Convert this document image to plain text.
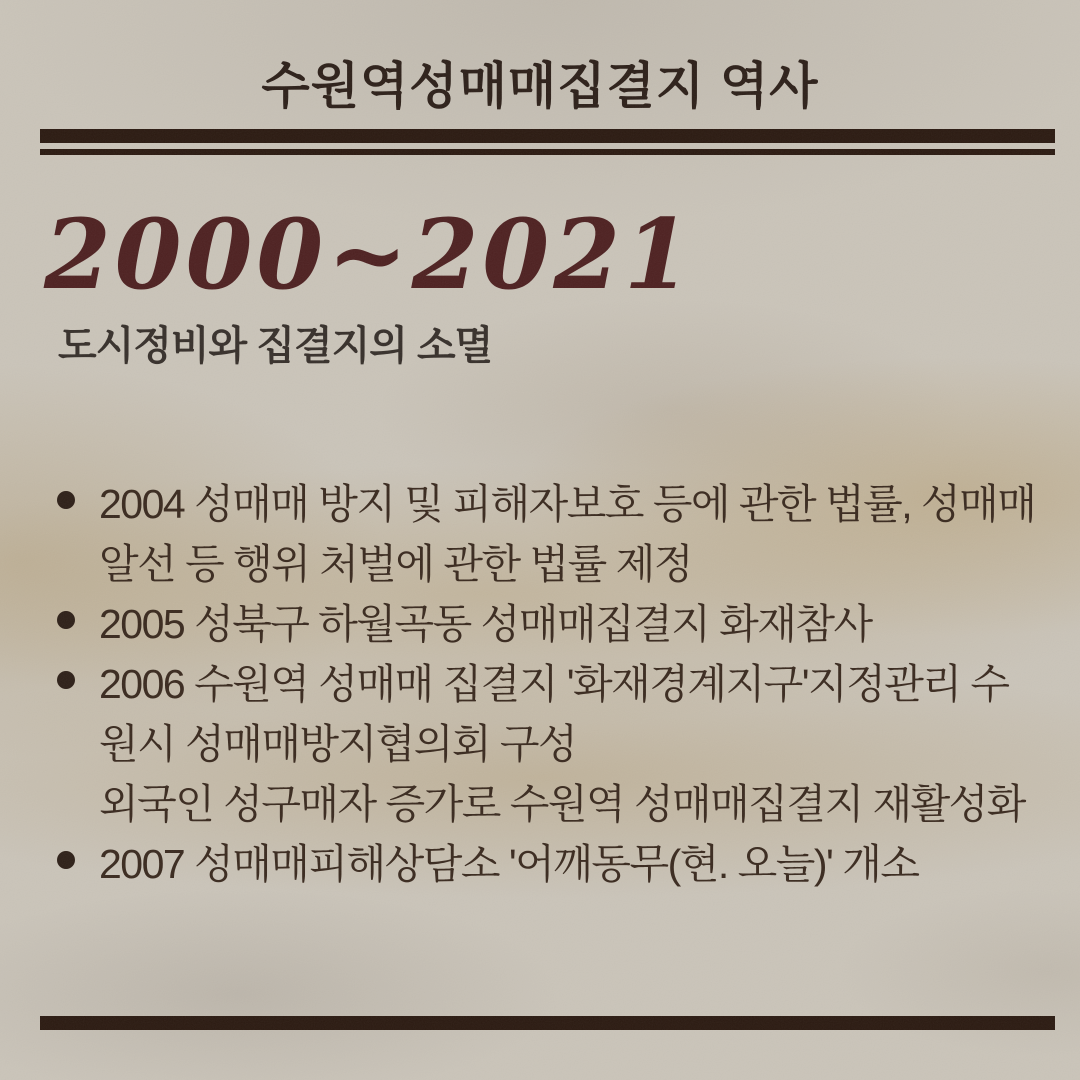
수원역성매매집결지 역사
2000~2021
도시정비와 집결지의 소멸
2004 성매매 방지 및 피해자보호 등에 관한 법률, 성매매
알선 등 행위 처벌에 관한 법률 제정
2005 성북구 하월곡동 성매매집결지 화재참사
2006 수원역 성매매 집결지 '화재경계지구'지정관리 수
원시 성매매방지협의회 구성
외국인 성구매자 증가로 수원역 성매매집결지 재활성화
2007 성매매피해상담소 '어깨동무(현. 오늘)' 개소
